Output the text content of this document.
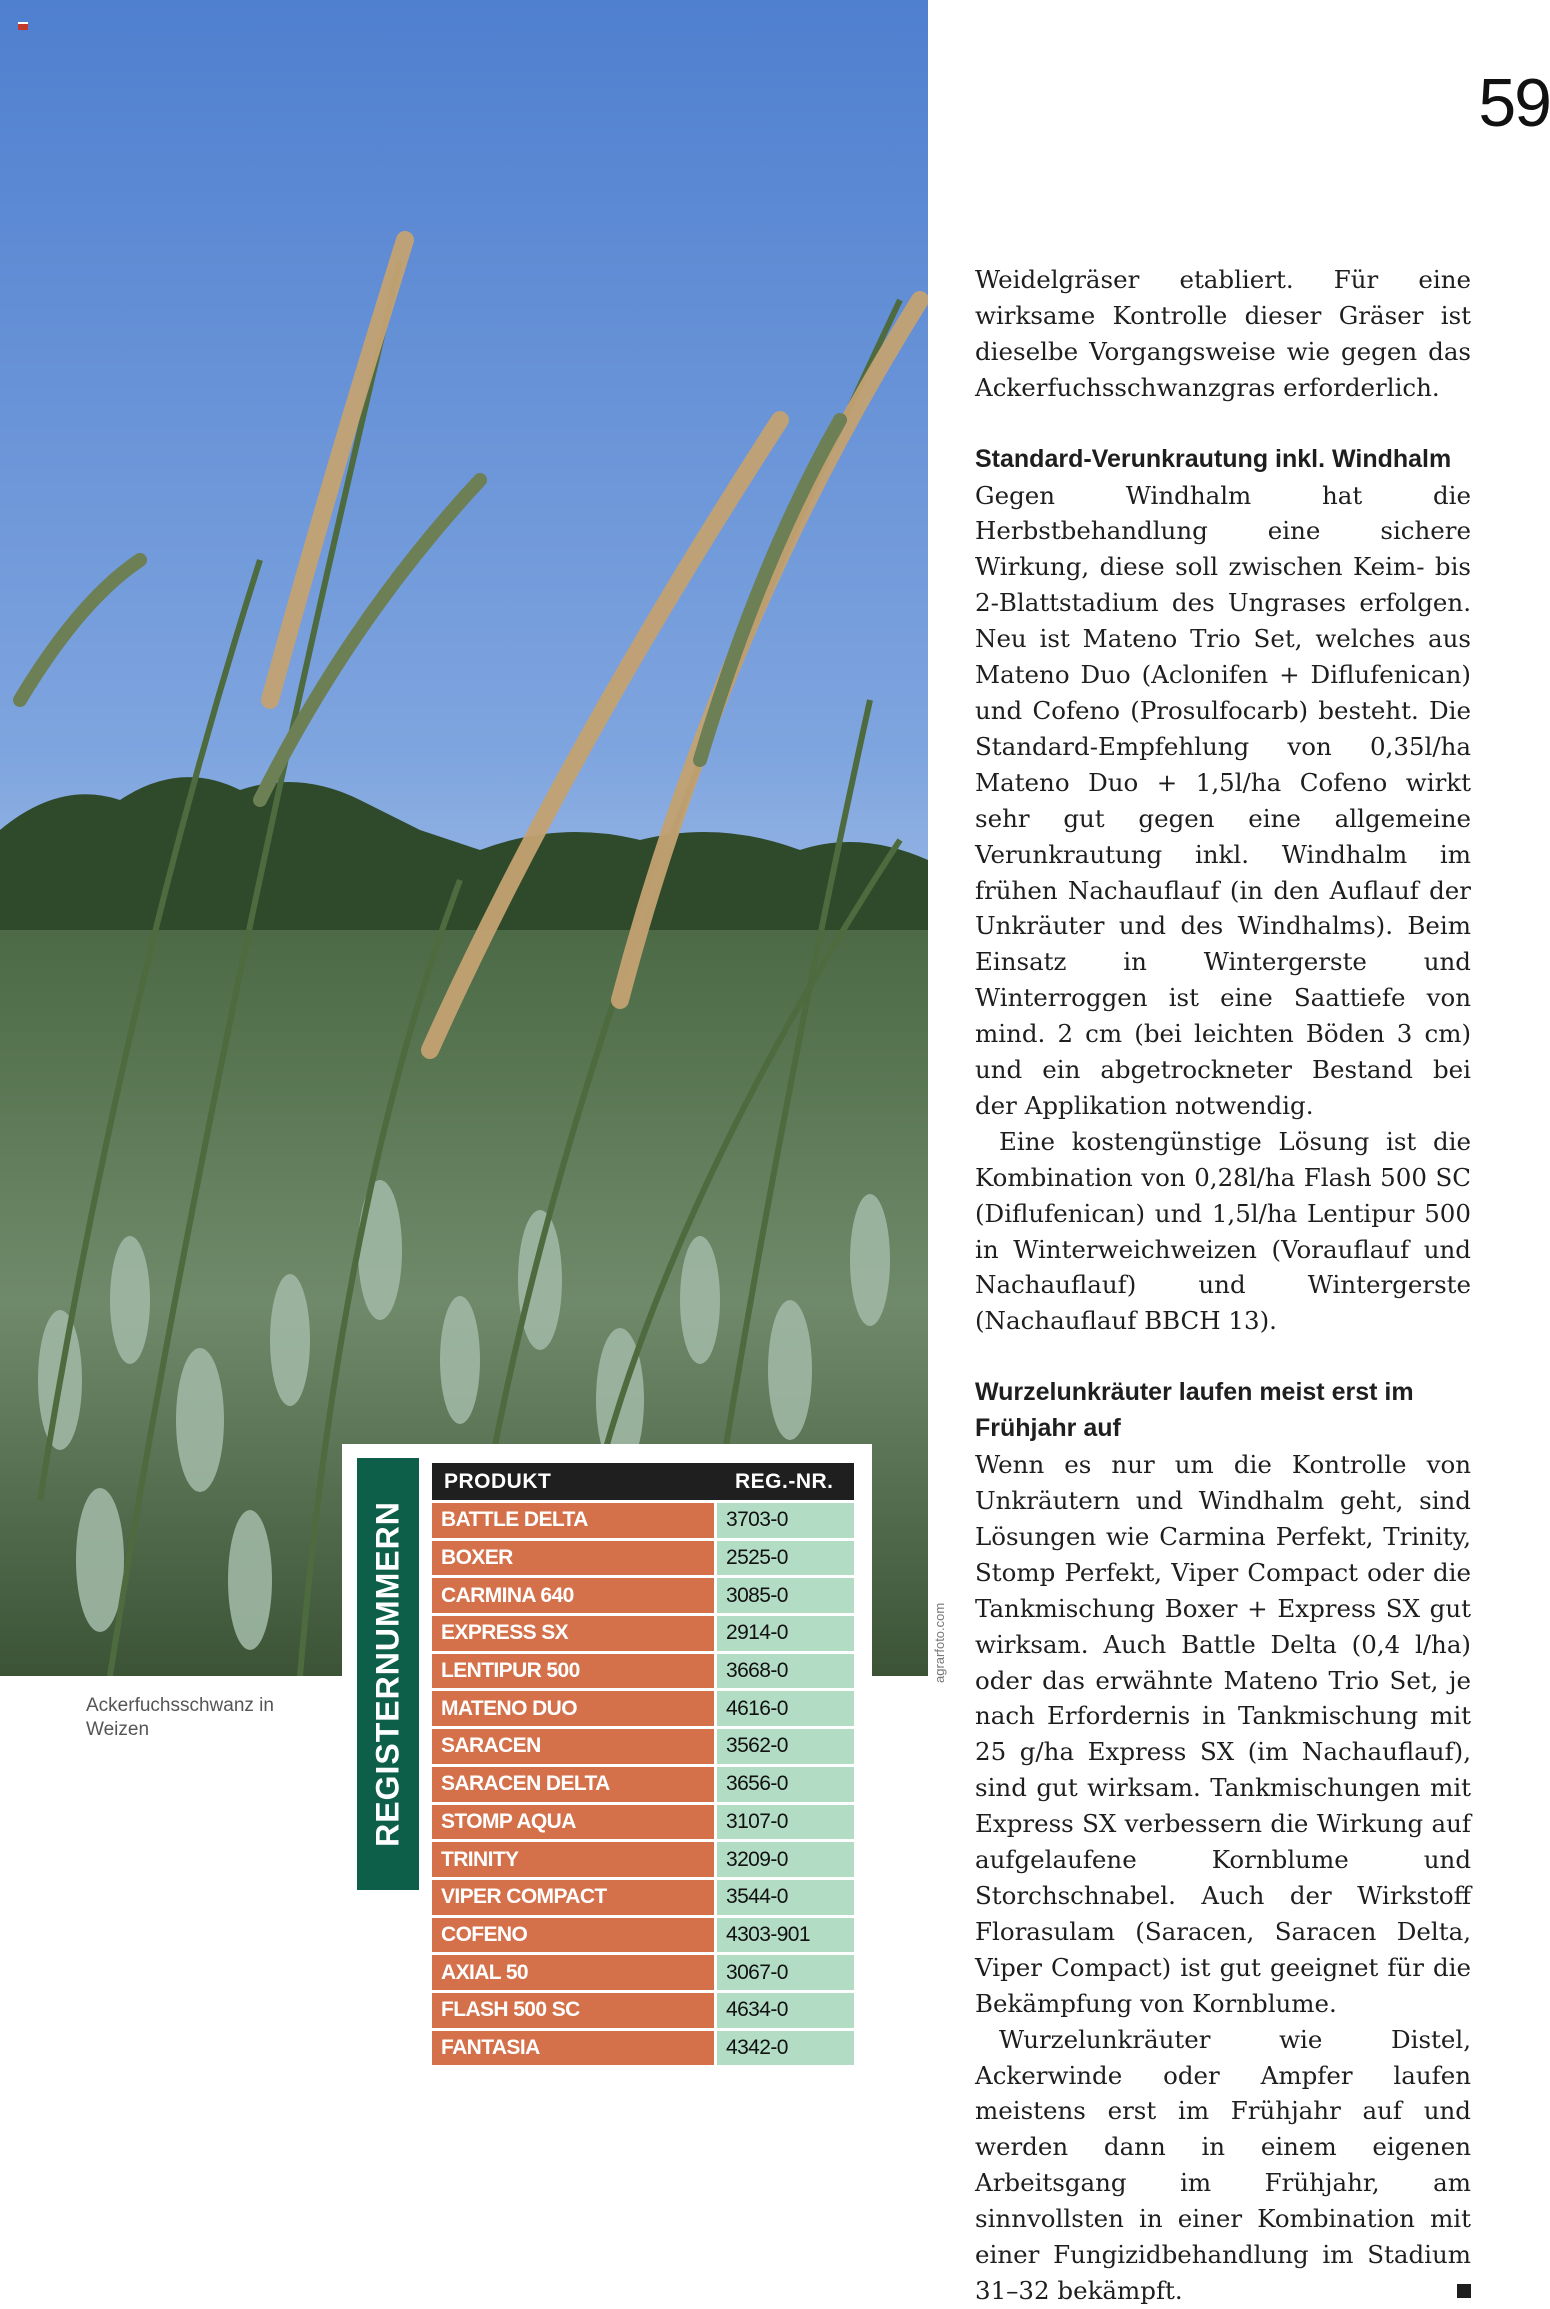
Ackerfuchsschwanz in Weizen
agrarfoto.com
59

Weidelgräser etabliert. Für eine wirksame Kontrolle dieser Gräser ist dieselbe Vorgangsweise wie gegen das Ackerfuchsschwanzgras erforderlich.

Standard-Verunkrautung inkl. Windhalm

Gegen Windhalm hat die Herbstbehandlung eine sichere Wirkung, diese soll zwischen Keim- bis 2-Blattstadium des Ungrases erfolgen. Neu ist Mateno Trio Set, welches aus Mateno Duo (Aclonifen + Diflufenican) und Cofeno (Prosulfocarb) besteht. Die Standard-Empfehlung von 0,35l/ha Mateno Duo + 1,5l/ha Cofeno wirkt sehr gut gegen eine allgemeine Verunkrautung inkl. Windhalm im frühen Nachauflauf (in den Auflauf der Unkräuter und des Windhalms). Beim Einsatz in Wintergerste und Winterroggen ist eine Saattiefe von mind. 2 cm (bei leichten Böden 3 cm) und ein abgetrockneter Bestand bei der Applikation notwendig.

Eine kostengünstige Lösung ist die Kombination von 0,28l/ha Flash 500 SC (Diflufenican) und 1,5l/ha Lentipur 500 in Winterweichweizen (Vorauflauf und Nachauflauf) und Wintergerste (Nachauflauf BBCH 13).

Wurzelunkräuter laufen meist erst im Frühjahr auf

Wenn es nur um die Kontrolle von Unkräutern und Windhalm geht, sind Lösungen wie Carmina Perfekt, Trinity, Stomp Perfekt, Viper Compact oder die Tankmischung Boxer + Express SX gut wirksam. Auch Battle Delta (0,4 l/ha) oder das erwähnte Mateno Trio Set, je nach Erfordernis in Tankmischung mit 25 g/ha Express SX (im Nachauflauf), sind gut wirksam. Tankmischungen mit Express SX verbessern die Wirkung auf aufgelaufene Kornblume und Storchschnabel. Auch der Wirkstoff Florasulam (Saracen, Saracen Delta, Viper Compact) ist gut geeignet für die Bekämpfung von Kornblume.

Wurzelunkräuter wie Distel, Ackerwinde oder Ampfer laufen meistens erst im Frühjahr auf und werden dann in einem eigenen Arbeitsgang im Frühjahr, am sinnvollsten in einer Kombination mit einer Fungizidbehandlung im Stadium 31–32 bekämpft.

REGISTERNUMMERN
PRODUKT	REG.-NR.
BATTLE DELTA	3703-0
BOXER	2525-0
CARMINA 640	3085-0
EXPRESS SX	2914-0
LENTIPUR 500	3668-0
MATENO DUO	4616-0
SARACEN	3562-0
SARACEN DELTA	3656-0
STOMP AQUA	3107-0
TRINITY	3209-0
VIPER COMPACT	3544-0
COFENO	4303-901
AXIAL 50	3067-0
FLASH 500 SC	4634-0
FANTASIA	4342-0
